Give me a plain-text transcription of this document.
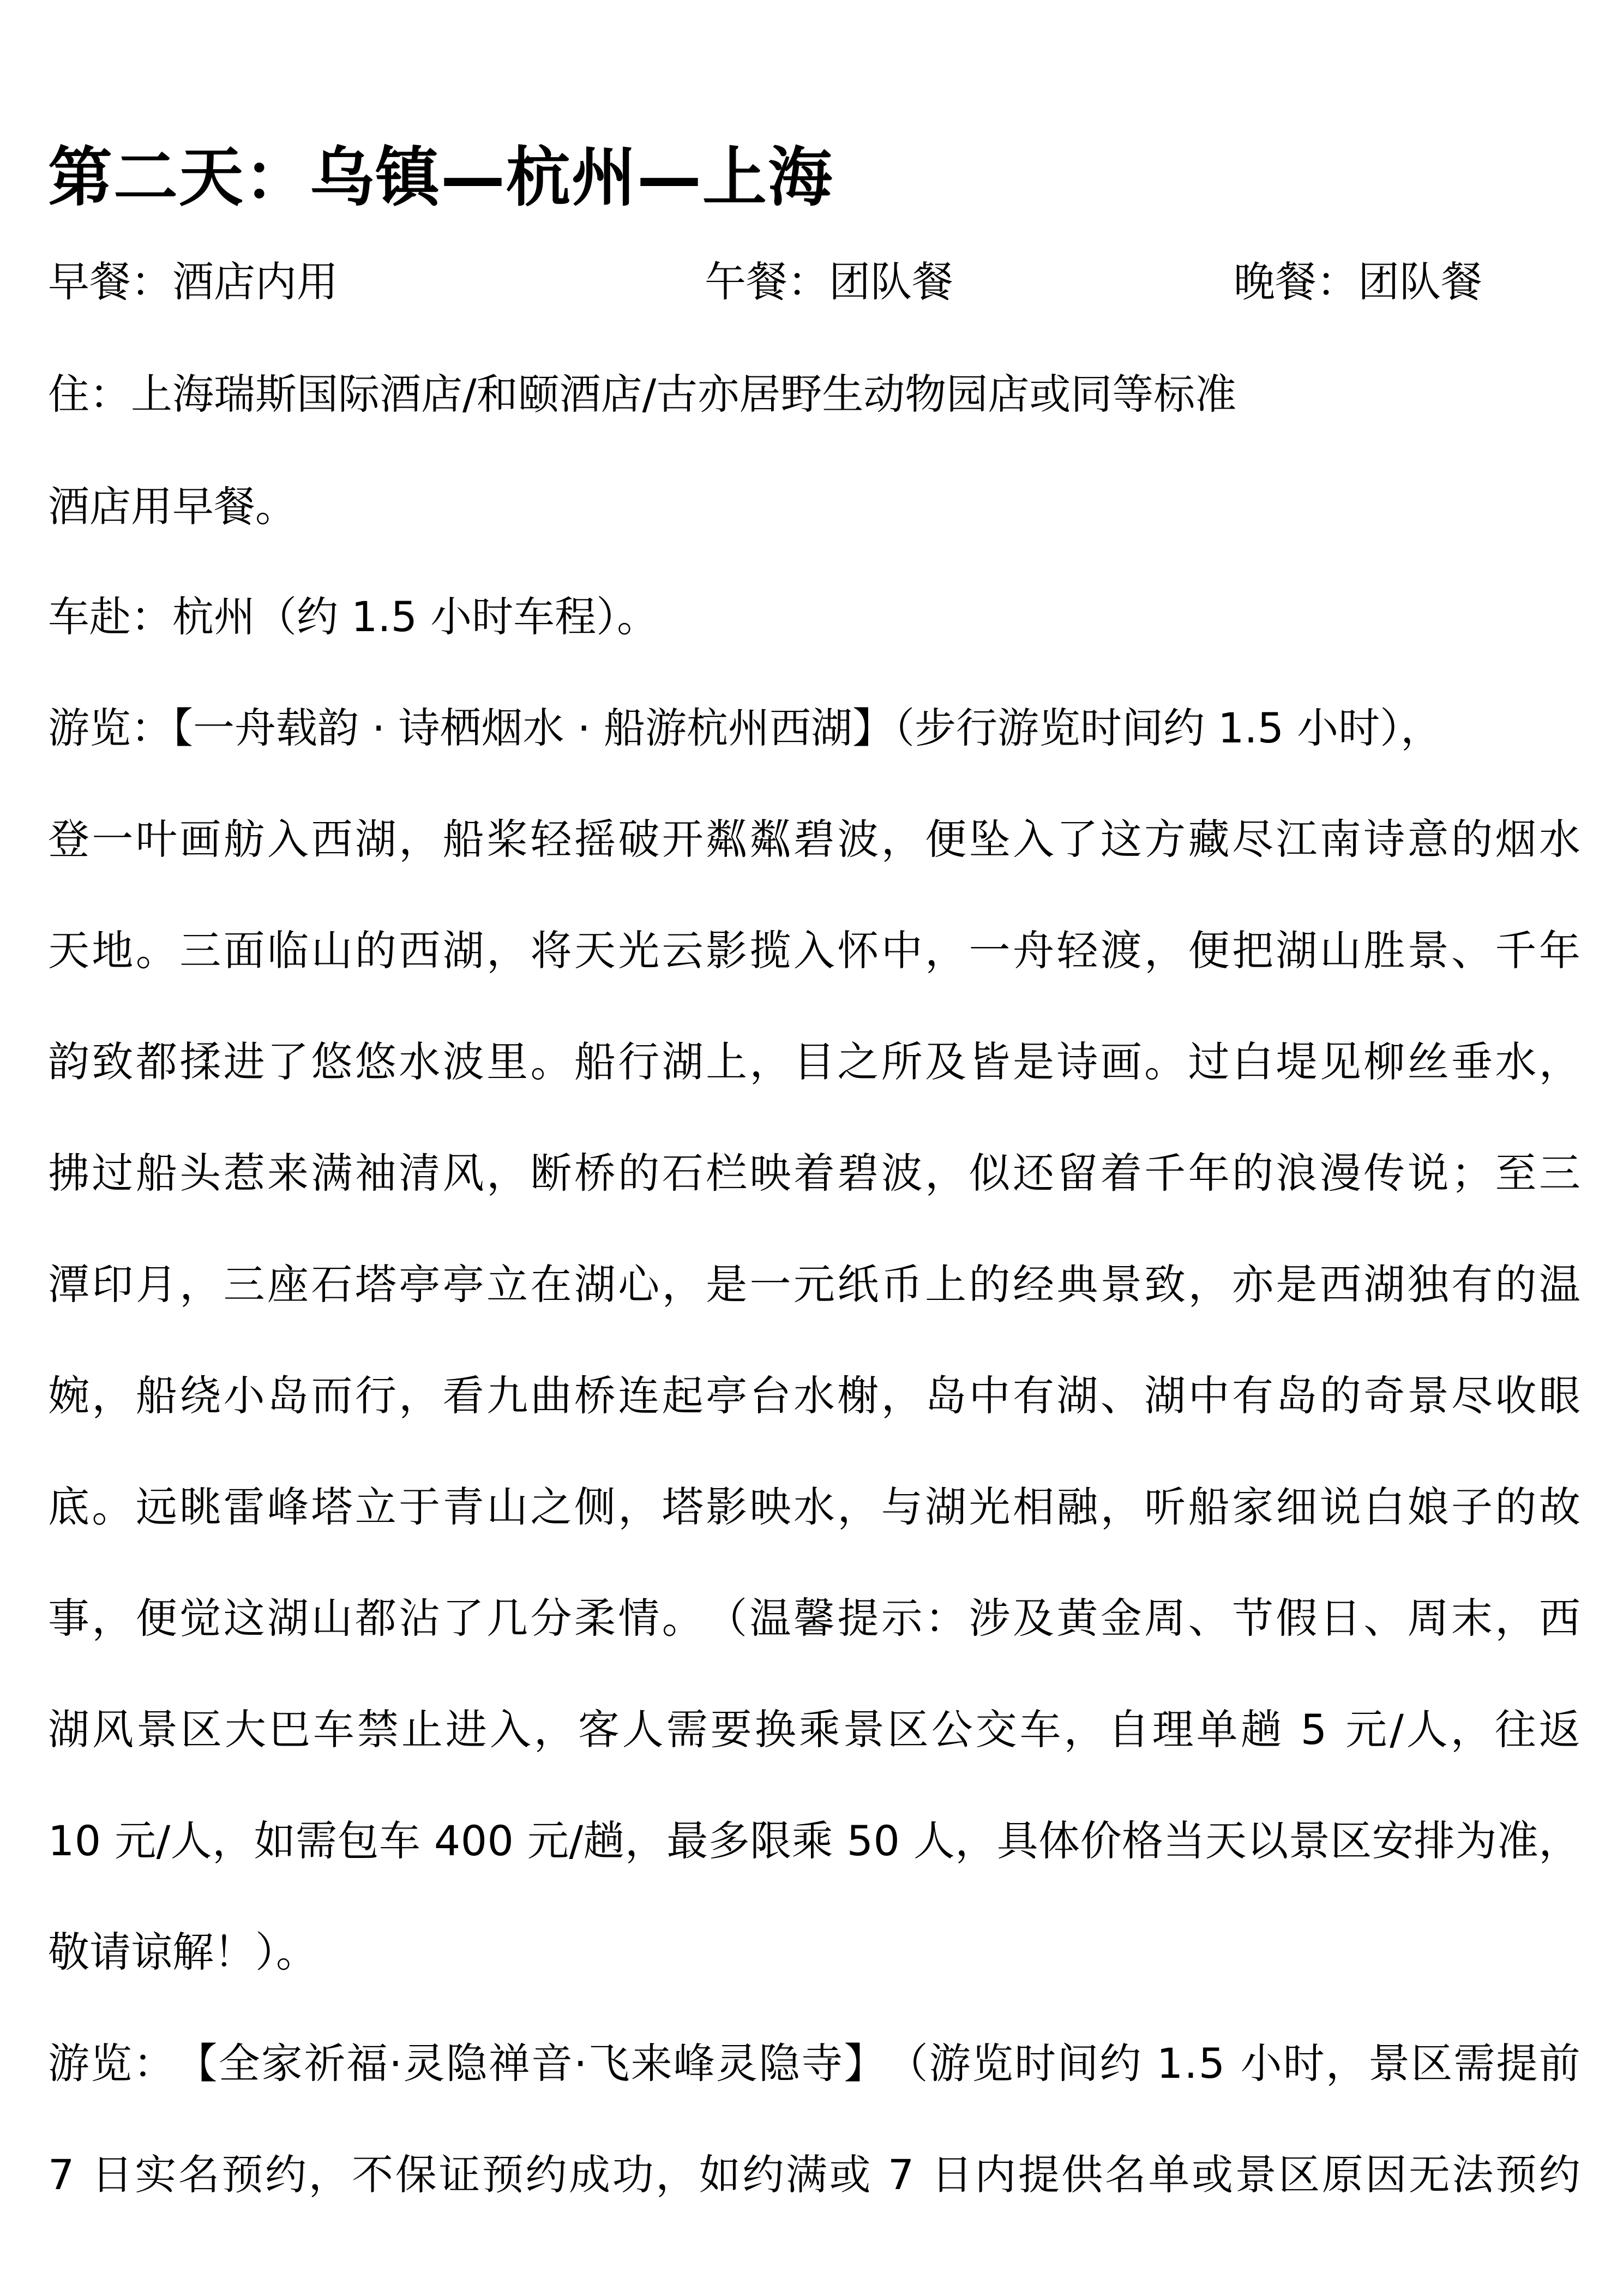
第二天：乌镇—杭州—上海
早餐：酒店内用	午餐：团队餐	晚餐：团队餐
住：上海瑞斯国际酒店/和颐酒店/古亦居野生动物园店或同等标准
酒店用早餐。
车赴：杭州（约 1.5 小时车程）。
游览：【一舟载韵 · 诗栖烟水 · 船游杭州西湖】（步行游览时间约 1.5 小时），
登 一 叶 画 舫 入 西 湖 ， 船 桨 轻 摇 破 开 粼 粼 碧 波 ， 便 坠 入 了 这 方 藏 尽 江 南 诗 意 的 烟 水
天 地 。 三 面 临 山 的 西 湖 ， 将 天 光 云 影 揽 入 怀 中 ， 一 舟 轻 渡 ， 便 把 湖 山 胜 景 、 千 年
韵 致 都 揉 进 了 悠 悠 水 波 里 。 船 行 湖 上 ， 目 之 所 及 皆 是 诗 画 。 过 白 堤 见 柳 丝 垂 水 ，
拂 过 船 头 惹 来 满 袖 清 风 ， 断 桥 的 石 栏 映 着 碧 波 ， 似 还 留 着 千 年 的 浪 漫 传 说 ； 至 三
潭 印 月 ， 三 座 石 塔 亭 亭 立 在 湖 心 ， 是 一 元 纸 币 上 的 经 典 景 致 ， 亦 是 西 湖 独 有 的 温
婉 ， 船 绕 小 岛 而 行 ， 看 九 曲 桥 连 起 亭 台 水 榭 ， 岛 中 有 湖 、 湖 中 有 岛 的 奇 景 尽 收 眼
底 。 远 眺 雷 峰 塔 立 于 青 山 之 侧 ， 塔 影 映 水 ， 与 湖 光 相 融 ， 听 船 家 细 说 白 娘 子 的 故
事 ， 便 觉 这 湖 山 都 沾 了 几 分 柔 情 。 （ 温 馨 提 示 ： 涉 及 黄 金 周 、 节 假 日 、 周 末 ， 西
湖 风 景 区 大 巴 车 禁 止 进 入 ， 客 人 需 要 换 乘 景 区 公 交 车 ， 自 理 单 趟
5
元 / 人 ， 往 返
1 0
元 / 人 ， 如 需 包 车
4 0 0
元 / 趟 ， 最 多 限 乘
5 0
人 ， 具 体 价 格 当 天 以 景 区 安 排 为 准 ，
敬请谅解！）。
游 览 ： 【 全 家 祈 福 · 灵 隐 禅 音 · 飞 来 峰 灵 隐 寺 】 （ 游 览 时 间 约
1 . 5
小 时 ， 景 区 需 提 前
7
日 实 名 预 约 ， 不 保 证 预 约 成 功 ， 如 约 满 或
7
日 内 提 供 名 单 或 景 区 原 因 无 法 预 约
